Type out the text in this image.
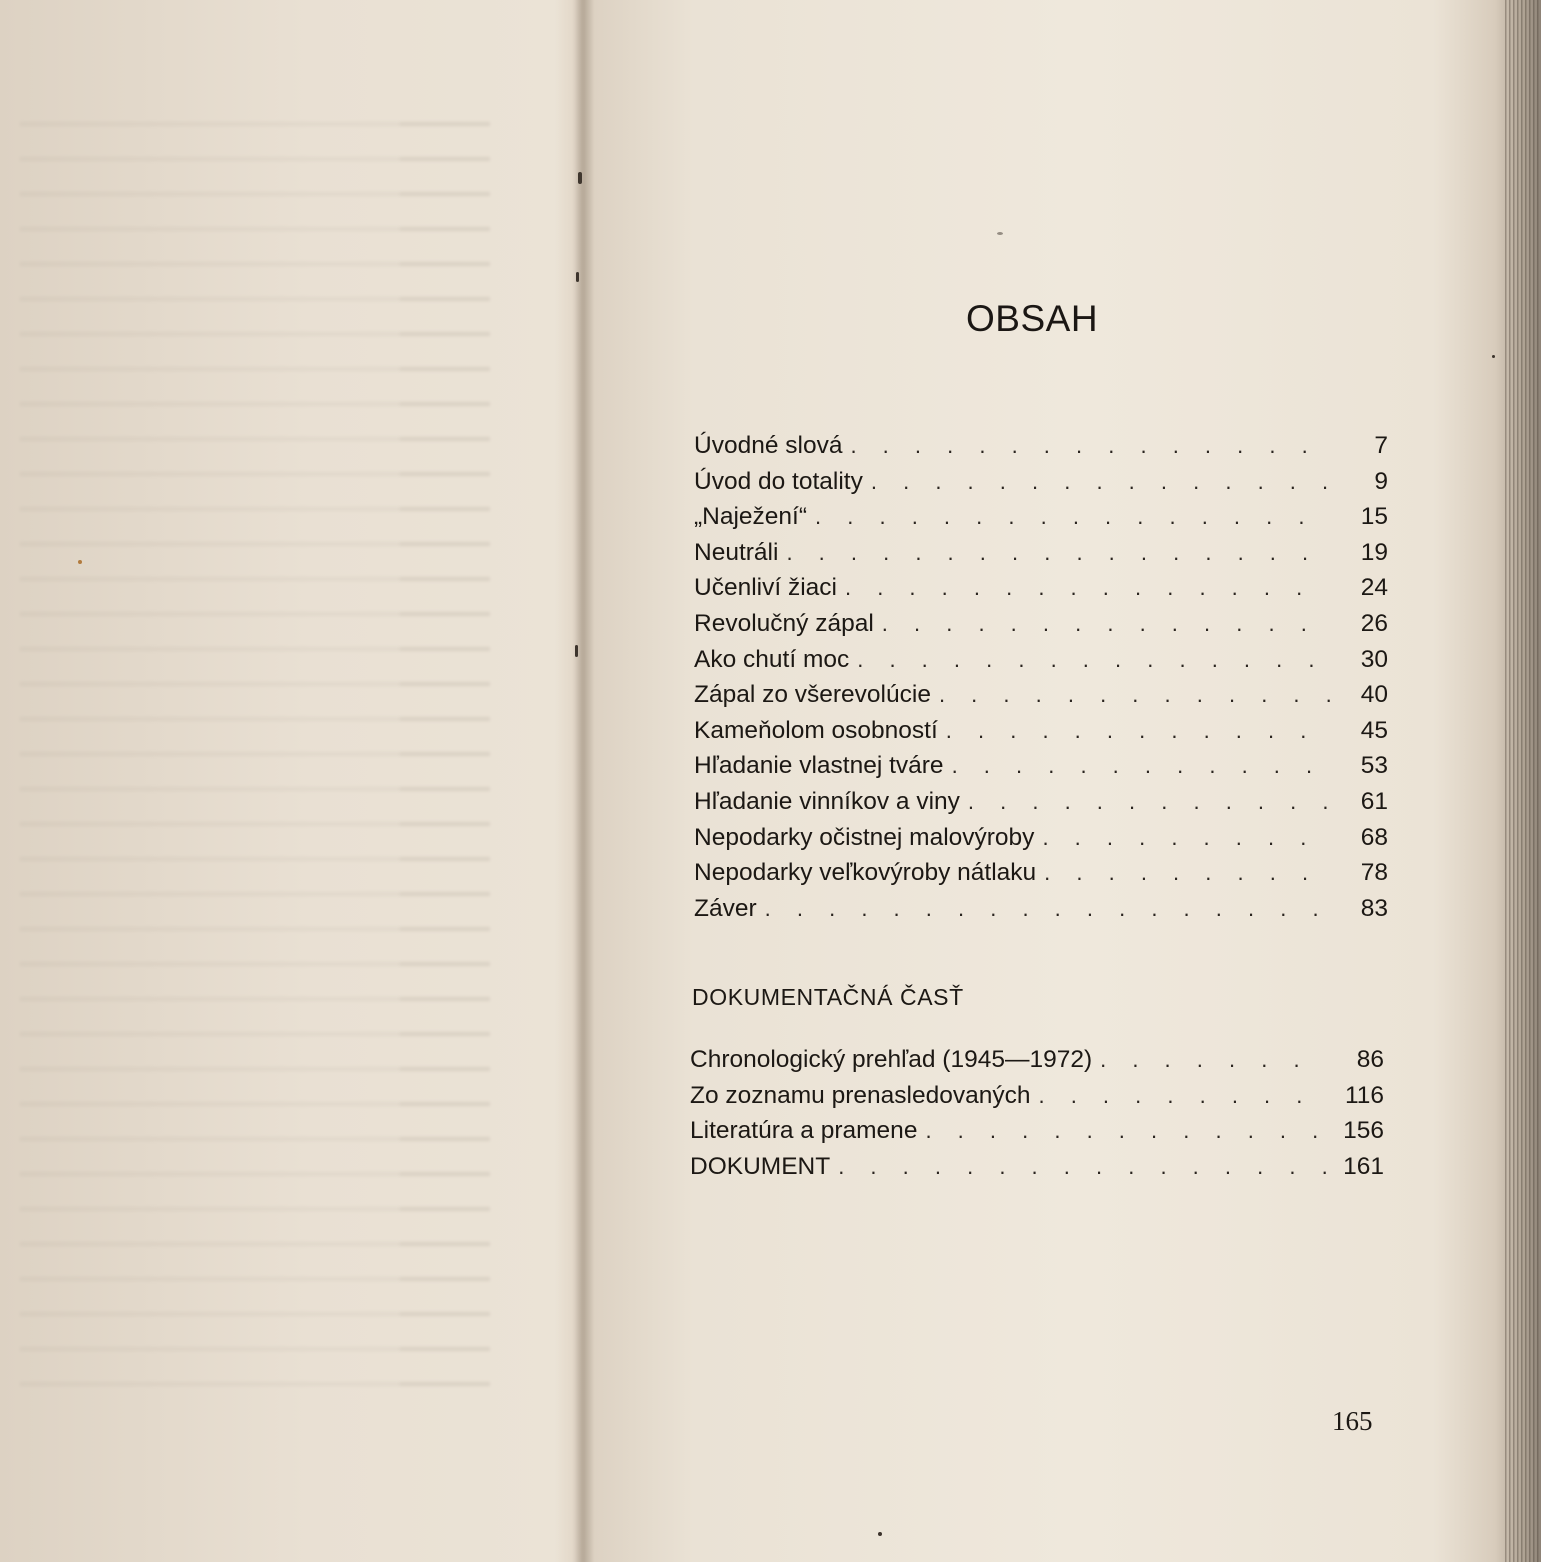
OBSAH
Úvodné slová . . .	7
Úvod do totality . . .	9
„Naježení“ . . .	15
Neutráli . . .	19
Učenliví žiaci . . .	24
Revolučný zápal . . .	26
Ako chutí moc . . .	30
Zápal zo všerevolúcie . . .	40
Kameňolom osobností . . .	45
Hľadanie vlastnej tváre . . .	53
Hľadanie vinníkov a viny . . .	61
Nepodarky očistnej malovýroby . . .	68
Nepodarky veľkovýroby nátlaku . . .	78
Záver . . .	83
DOKUMENTAČNÁ ČASŤ
Chronologický prehľad (1945—1972) . . .	86
Zo zoznamu prenasledovaných . . .	116
Literatúra a pramene . . .	156
DOKUMENT . . .	161
165
